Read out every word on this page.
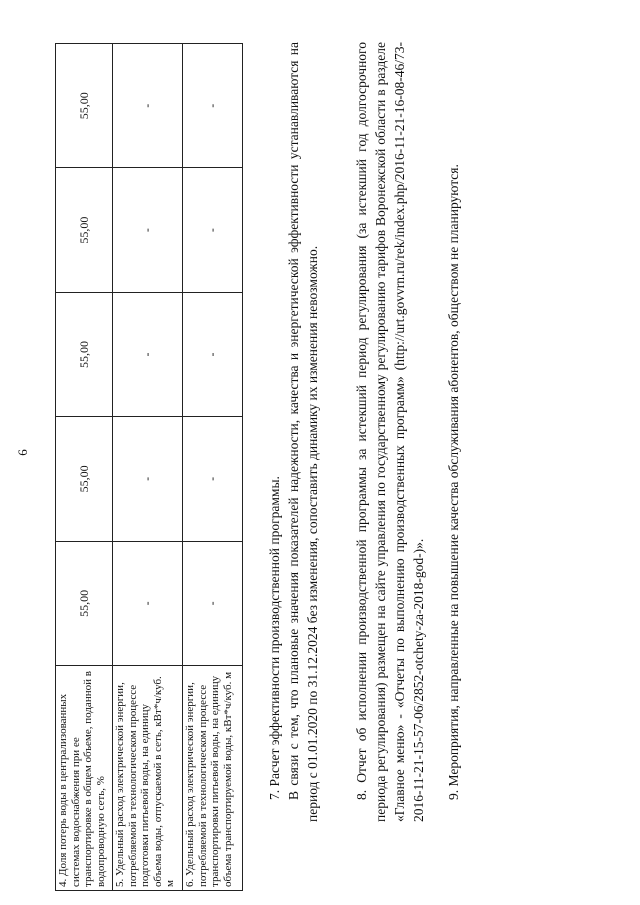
6
4. Доля потерь воды в централизованных системах водоснабжения при ее транспортировке в общем объеме, поданной в водопроводную сеть, %	55,00	55,00	55,00	55,00	55,00
5. Удельный расход электрической энергии, потребляемой в технологическом процессе подготовки питьевой воды, на единицу объема воды, отпускаемой в сеть, кВт*ч/куб. м	-	-	-	-	-
6. Удельный расход электрической энергии, потребляемой в технологическом процессе транспортировки питьевой воды, на единицу объема транспортируемой воды, кВт*ч/куб. м	-	-	-	-	-

7. Расчет эффективности производственной программы. В связи с тем, что плановые значения показателей надежности, качества и энергетической эффективности устанавливаются на период с 01.01.2020 по 31.12.2024 без изменения, сопоставить динамику их изменения невозможно.	8. Отчет об исполнении производственной программы за истекший период регулирования (за истекший год долгосрочного периода регулирования) размещен на сайте управления по государственному регулированию тарифов Воронежской области в разделе «Главное меню» - «Отчеты по выполнению производственных программ» (http://urt.govvrn.ru/rek/index.php/2016-11-21-16-08-46/73-2016-11-21-15-57-06/2852-otchety-za-2018-god-)». 9. Мероприятия, направленные на повышение качества обслуживания абонентов, обществом не планируются.
